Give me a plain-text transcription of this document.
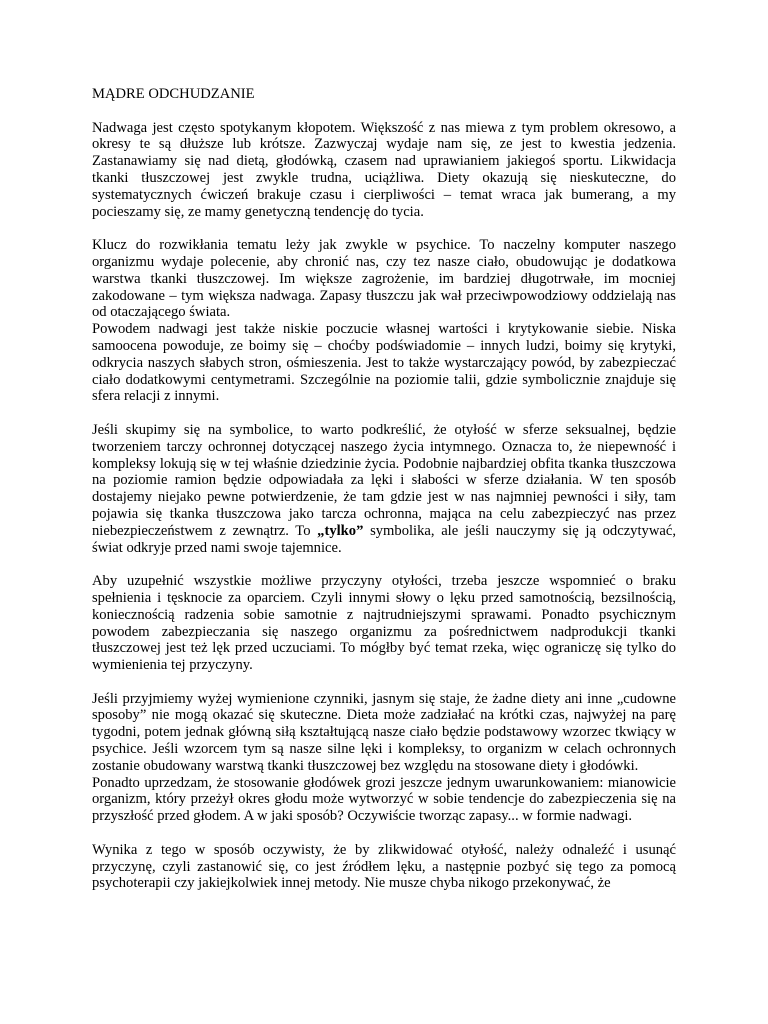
MĄDRE ODCHUDZANIE

Nadwaga jest często spotykanym kłopotem. Większość z nas miewa z tym problem okresowo, a okresy te są dłuższe lub krótsze. Zazwyczaj wydaje nam się, ze jest to kwestia jedzenia. Zastanawiamy się nad dietą, głodówką, czasem nad uprawianiem jakiegoś sportu. Likwidacja tkanki tłuszczowej jest zwykle trudna, uciążliwa. Diety okazują się nieskuteczne, do systematycznych ćwiczeń brakuje czasu i cierpliwości – temat wraca jak bumerang, a my pocieszamy się, ze mamy genetyczną tendencję do tycia.

Klucz do rozwikłania tematu leży jak zwykle w psychice. To naczelny komputer naszego organizmu wydaje polecenie, aby chronić nas, czy tez nasze ciało, obudowując je dodatkowa warstwa tkanki tłuszczowej. Im większe zagrożenie, im bardziej długotrwałe, im mocniej zakodowane – tym większa nadwaga. Zapasy tłuszczu jak wał przeciwpowodziowy oddzielają nas od otaczającego świata.

Powodem nadwagi jest także niskie poczucie własnej wartości i krytykowanie siebie. Niska samoocena powoduje, ze boimy się – choćby podświadomie – innych ludzi, boimy się krytyki, odkrycia naszych słabych stron, ośmieszenia. Jest to także wystarczający powód, by zabezpieczać ciało dodatkowymi centymetrami. Szczególnie na poziomie talii, gdzie symbolicznie znajduje się sfera relacji z innymi.

Jeśli skupimy się na symbolice, to warto podkreślić, że otyłość w sferze seksualnej, będzie tworzeniem tarczy ochronnej dotyczącej naszego życia intymnego. Oznacza to, że niepewność i kompleksy lokują się w tej właśnie dziedzinie życia. Podobnie najbardziej obfita tkanka tłuszczowa na poziomie ramion będzie odpowiadała za lęki i słabości w sferze działania. W ten sposób dostajemy niejako pewne potwierdzenie, że tam gdzie jest w nas najmniej pewności i siły, tam pojawia się tkanka tłuszczowa jako tarcza ochronna, mająca na celu zabezpieczyć nas przez niebezpieczeństwem z zewnątrz. To „tylko” symbolika, ale jeśli nauczymy się ją odczytywać, świat odkryje przed nami swoje tajemnice.

Aby uzupełnić wszystkie możliwe przyczyny otyłości, trzeba jeszcze wspomnieć o braku spełnienia i tęsknocie za oparciem. Czyli innymi słowy o lęku przed samotnością, bezsilnością, koniecznością radzenia sobie samotnie z najtrudniejszymi sprawami. Ponadto psychicznym powodem zabezpieczania się naszego organizmu za pośrednictwem nadprodukcji tkanki tłuszczowej jest też lęk przed uczuciami. To mógłby być temat rzeka, więc ograniczę się tylko do wymienienia tej przyczyny.

Jeśli przyjmiemy wyżej wymienione czynniki, jasnym się staje, że żadne diety ani inne „cudowne sposoby” nie mogą okazać się skuteczne. Dieta może zadziałać na krótki czas, najwyżej na parę tygodni, potem jednak główną siłą kształtującą nasze ciało będzie podstawowy wzorzec tkwiący w psychice. Jeśli wzorcem tym są nasze silne lęki i kompleksy, to organizm w celach ochronnych zostanie obudowany warstwą tkanki tłuszczowej bez względu na stosowane diety i głodówki.

Ponadto uprzedzam, że stosowanie głodówek grozi jeszcze jednym uwarunkowaniem: mianowicie organizm, który przeżył okres głodu może wytworzyć w sobie tendencje do zabezpieczenia się na przyszłość przed głodem. A w jaki sposób? Oczywiście tworząc zapasy... w formie nadwagi.

Wynika z tego w sposób oczywisty, że by zlikwidować otyłość, należy odnaleźć i usunąć przyczynę, czyli zastanowić się, co jest źródłem lęku, a następnie pozbyć się tego za pomocą psychoterapii czy jakiejkolwiek innej metody. Nie musze chyba nikogo przekonywać, że
